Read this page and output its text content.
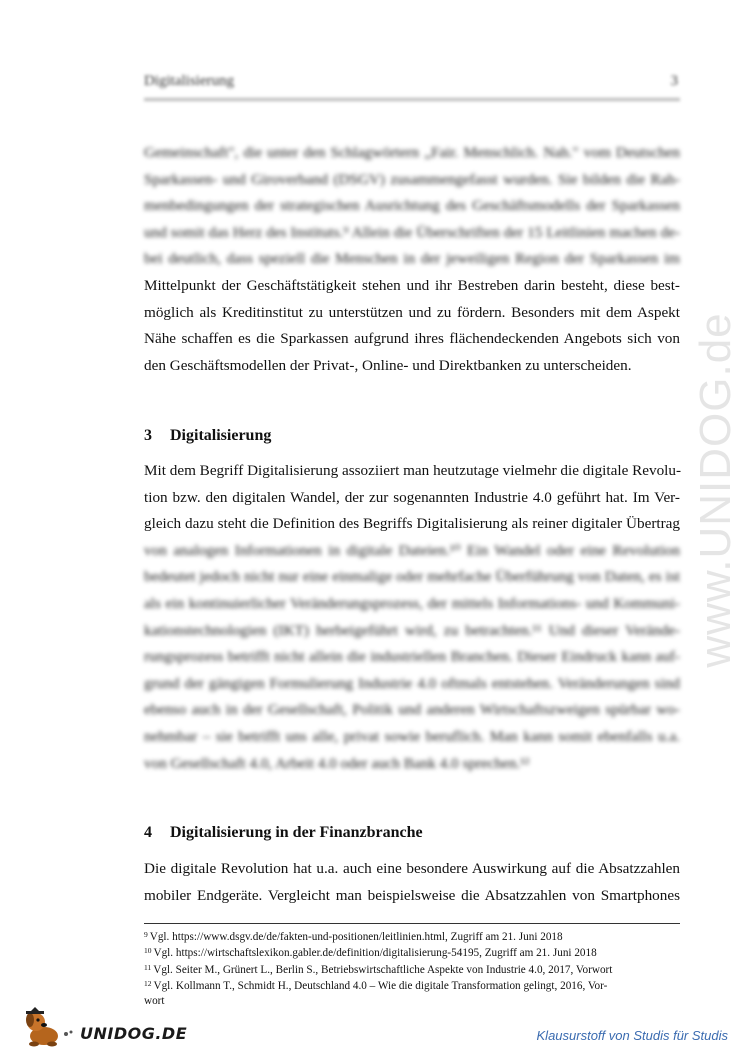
Digitalisierung	3
Gemeinschaft", die unter den Schlagwörtern „Fair. Menschlich. Nah." vom Deutschen
Sparkassen- und Giroverband (DSGV) zusammengefasst wurden. Sie bilden die Rah-
menbedingungen der strategischen Ausrichtung des Geschäftsmodells der Sparkassen
und somit das Herz des Instituts.⁹ Allein die Überschriften der 15 Leitlinien machen de-
bei deutlich, dass speziell die Menschen in der jeweiligen Region der Sparkassen im
Mittelpunkt der Geschäftstätigkeit stehen und ihr Bestreben darin besteht, diese best-
möglich als Kreditinstitut zu unterstützen und zu fördern. Besonders mit dem Aspekt
Nähe schaffen es die Sparkassen aufgrund ihres flächendeckenden Angebots sich von
den Geschäftsmodellen der Privat-, Online- und Direktbanken zu unterscheiden.
3 Digitalisierung
Mit dem Begriff Digitalisierung assoziiert man heutzutage vielmehr die digitale Revolu-
tion bzw. den digitalen Wandel, der zur sogenannten Industrie 4.0 geführt hat. Im Ver-
gleich dazu steht die Definition des Begriffs Digitalisierung als reiner digitaler Übertrag
von analogen Informationen in digitale Dateien.¹⁰ Ein Wandel oder eine Revolution
bedeutet jedoch nicht nur eine einmalige oder mehrfache Überführung von Daten, es ist
als ein kontinuierlicher Veränderungsprozess, der mittels Informations- und Kommuni-
kationstechnologien (IKT) herbeigeführt wird, zu betrachten.¹¹ Und dieser Verände-
rungsprozess betrifft nicht allein die industriellen Branchen. Dieser Eindruck kann auf-
grund der gängigen Formulierung Industrie 4.0 oftmals entstehen. Veränderungen sind
ebenso auch in der Gesellschaft, Politik und anderen Wirtschaftszweigen spürbar wo-
nehmbar – sie betrifft uns alle, privat sowie beruflich. Man kann somit ebenfalls u.a.
von Gesellschaft 4.0, Arbeit 4.0 oder auch Bank 4.0 sprechen.¹²
4 Digitalisierung in der Finanzbranche
Die digitale Revolution hat u.a. auch eine besondere Auswirkung auf die Absatzzahlen
mobiler Endgeräte. Vergleicht man beispielsweise die Absatzzahlen von Smartphones
$^9$ Vgl. https://www.dsgv.de/de/fakten-und-positionen/leitlinien.html, Zugriff am 21. Juni 2018
$^{10}$ Vgl. https://wirtschaftslexikon.gabler.de/definition/digitalisierung-54195, Zugriff am 21. Juni 2018
$^{11}$ Vgl. Seiter M., Grünert L., Berlin S., Betriebswirtschaftliche Aspekte von Industrie 4.0, 2017, Vorwort
$^{12}$ Vgl. Kollmann T., Schmidt H., Deutschland 4.0 – Wie die digitale Transformation gelingt, 2016, Vor-
wort
www.UNIDOG.de
UNIDOG.DE	Klausurstoff von Studis für Studis
